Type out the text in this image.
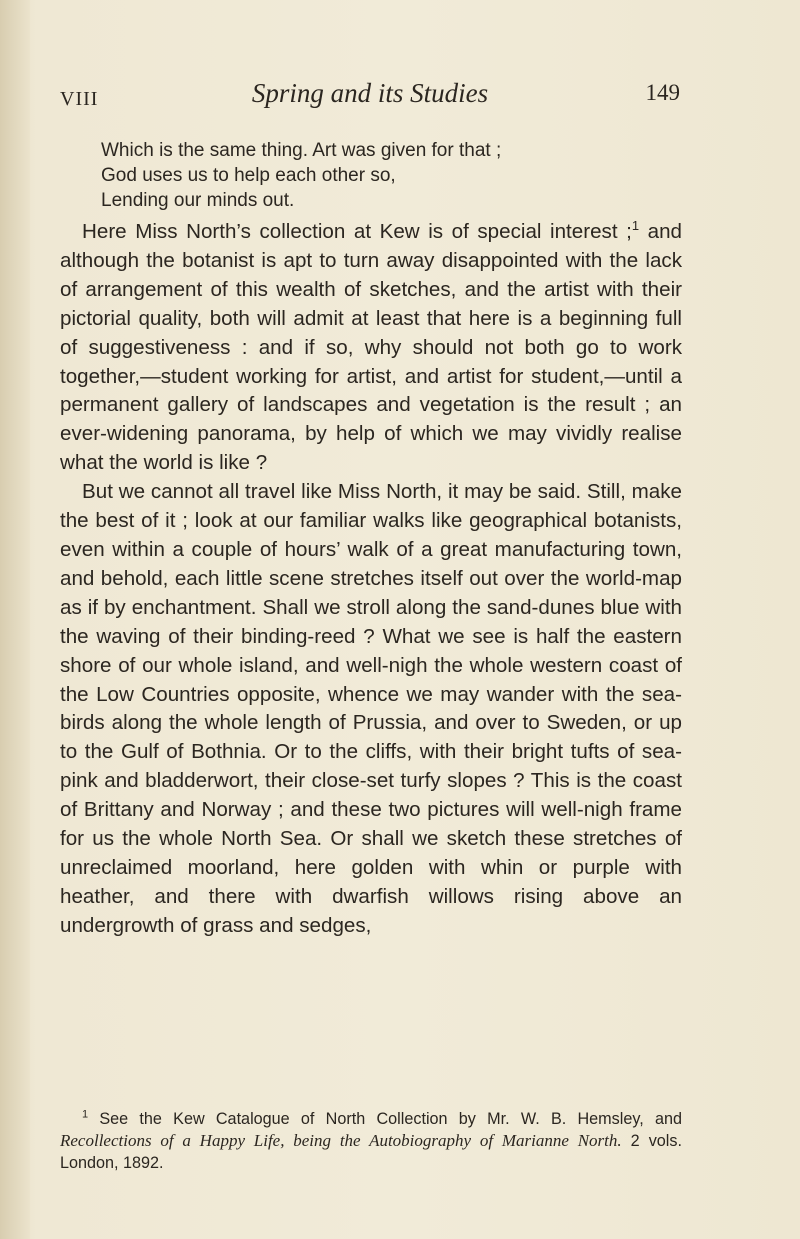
VIII	Spring and its Studies	149
Which is the same thing. Art was given for that ;
God uses us to help each other so,
Lending our minds out.

Here Miss North’s collection at Kew is of special interest ;$^1$ and although the botanist is apt to turn away disappointed with the lack of arrangement of this wealth of sketches, and the artist with their pictorial quality, both will admit at least that here is a beginning full of suggestiveness : and if so, why should not both go to work together,—student working for artist, and artist for student,—until a permanent gallery of landscapes and vegetation is the result ; an ever-widening panorama, by help of which we may vividly realise what the world is like ?

But we cannot all travel like Miss North, it may be said. Still, make the best of it ; look at our familiar walks like geographical botanists, even within a couple of hours’ walk of a great manufacturing town, and behold, each little scene stretches itself out over the world-map as if by enchantment. Shall we stroll along the sand-dunes blue with the waving of their binding-reed ? What we see is half the eastern shore of our whole island, and well-nigh the whole western coast of the Low Countries opposite, whence we may wander with the sea-birds along the whole length of Prussia, and over to Sweden, or up to the Gulf of Bothnia. Or to the cliffs, with their bright tufts of sea-pink and bladderwort, their close-set turfy slopes ? This is the coast of Brittany and Norway ; and these two pictures will well-nigh frame for us the whole North Sea. Or shall we sketch these stretches of unreclaimed moorland, here golden with whin or purple with heather, and there with dwarfish willows rising above an undergrowth of grass and sedges,

$^1$ See the Kew Catalogue of North Collection by Mr. W. B. Hemsley, and Recollections of a Happy Life, being the Autobiography of Marianne North. 2 vols. London, 1892.
